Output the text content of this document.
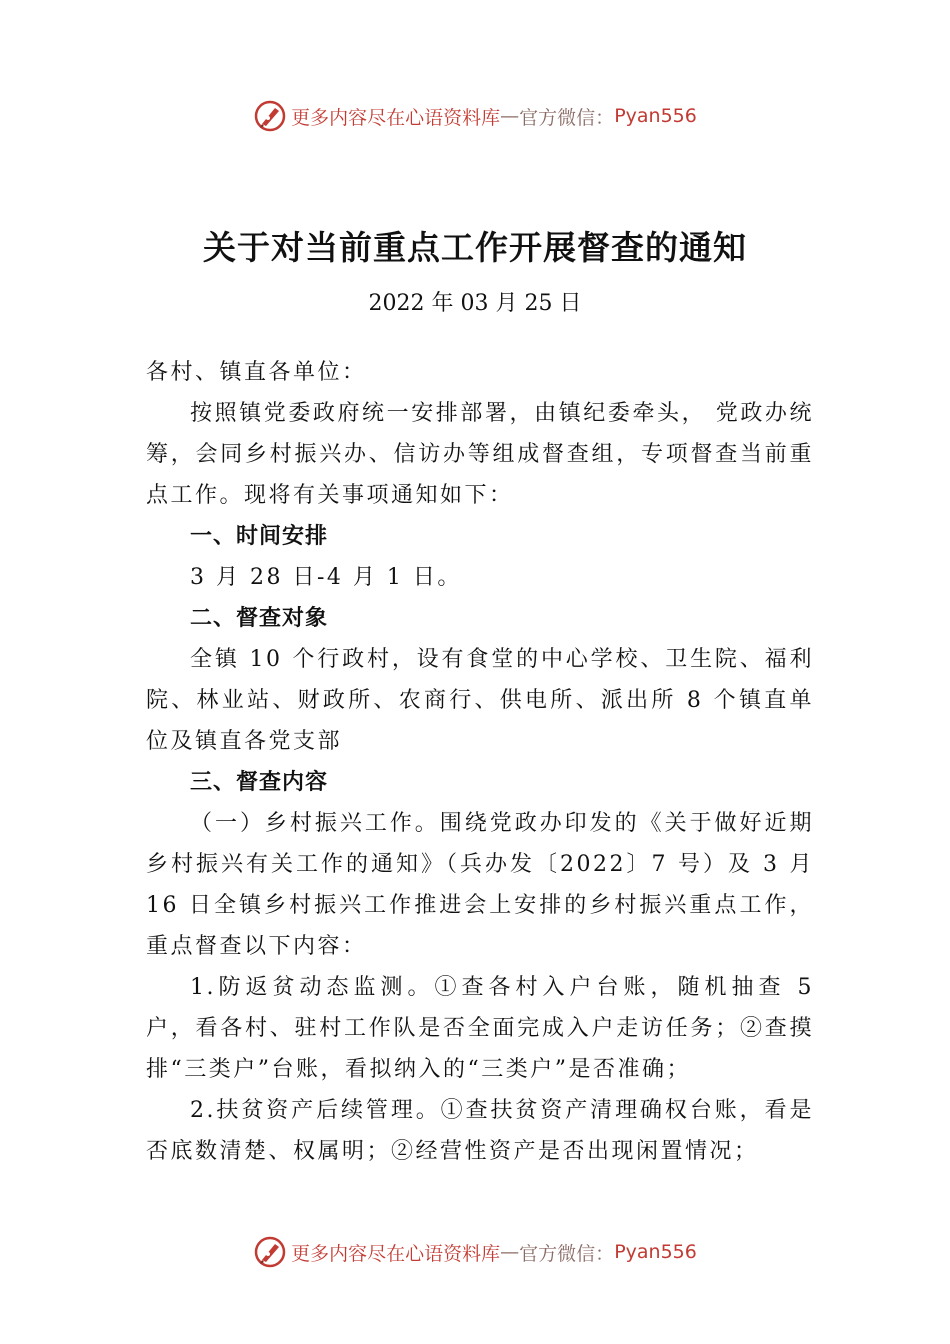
更多内容尽在心语资料库 — 官方微信： Pyan556
关于对当前重点工作开展督查的通知
2022 年 03 月 25 日

各村、镇直各单位：

按照镇党委政府统一安排部署，由镇纪委牵头， 党政办统筹，会同乡村振兴办、信访办等组成督查组，专项督查当前重点工作。现将有关事项通知如下：

一、时间安排

3 月 28 日-4 月 1 日。

二、督查对象

全镇 10 个行政村，设有食堂的中心学校、卫生院、福利院、林业站、财政所、农商行、供电所、派出所 8 个镇直单位及镇直各党支部

三、督查内容

（一）乡村振兴工作。围绕党政办印发的《关于做好近期乡村振兴有关工作的通知》（兵办发〔2022〕7 号）及 3 月 16 日全镇乡村振兴工作推进会上安排的乡村振兴重点工作，重点督查以下内容：

1.防返贫动态监测。①查各村入户台账，随机抽查 5 户，看各村、驻村工作队是否全面完成入户走访任务；②查摸排“三类户”台账，看拟纳入的“三类户”是否准确；

2.扶贫资产后续管理。①查扶贫资产清理确权台账，看是否底数清楚、权属明；②经营性资产是否出现闲置情况；

更多内容尽在心语资料库 — 官方微信： Pyan556
